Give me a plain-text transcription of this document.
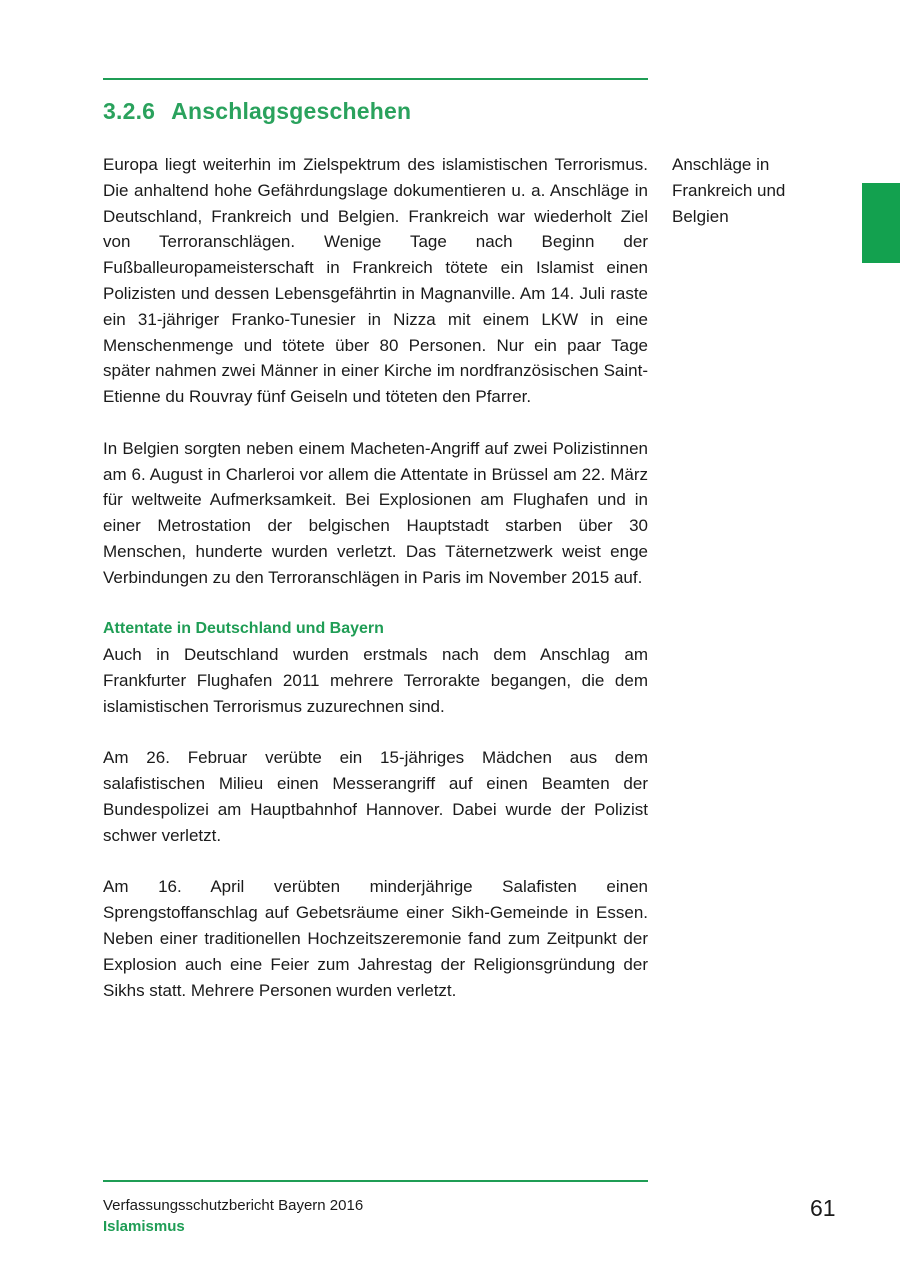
3.2.6 Anschlagsgeschehen

Europa liegt weiterhin im Zielspektrum des islamistischen Terrorismus. Die anhaltend hohe Gefährdungslage dokumentieren u. a. Anschläge in Deutschland, Frankreich und Belgien. Frankreich war wiederholt Ziel von Terroranschlägen. Wenige Tage nach Beginn der Fußballeuropameisterschaft in Frankreich tötete ein Islamist einen Polizisten und dessen Lebensgefährtin in Magnanville. Am 14. Juli raste ein 31-jähriger Franko-Tunesier in Nizza mit einem LKW in eine Menschenmenge und tötete über 80 Personen. Nur ein paar Tage später nahmen zwei Männer in einer Kirche im nordfranzösischen Saint-Etienne du Rouvray fünf Geiseln und töteten den Pfarrer.

In Belgien sorgten neben einem Macheten-Angriff auf zwei Polizistinnen am 6. August in Charleroi vor allem die Attentate in Brüssel am 22. März für weltweite Aufmerksamkeit. Bei Explosionen am Flughafen und in einer Metrostation der belgischen Hauptstadt starben über 30 Menschen, hunderte wurden verletzt. Das Täternetzwerk weist enge Verbindungen zu den Terroranschlägen in Paris im November 2015 auf.

Attentate in Deutschland und Bayern

Auch in Deutschland wurden erstmals nach dem Anschlag am Frankfurter Flughafen 2011 mehrere Terrorakte begangen, die dem islamistischen Terrorismus zuzurechnen sind.

Am 26. Februar verübte ein 15-jähriges Mädchen aus dem salafistischen Milieu einen Messerangriff auf einen Beamten der Bundespolizei am Hauptbahnhof Hannover. Dabei wurde der Polizist schwer verletzt.

Am 16. April verübten minderjährige Salafisten einen Sprengstoffanschlag auf Gebetsräume einer Sikh-Gemeinde in Essen. Neben einer traditionellen Hochzeitszeremonie fand zum Zeitpunkt der Explosion auch eine Feier zum Jahrestag der Religionsgründung der Sikhs statt. Mehrere Personen wurden verletzt.

Anschläge in
Frankreich und
Belgien
Verfassungsschutzbericht Bayern 2016
Islamismus
61
